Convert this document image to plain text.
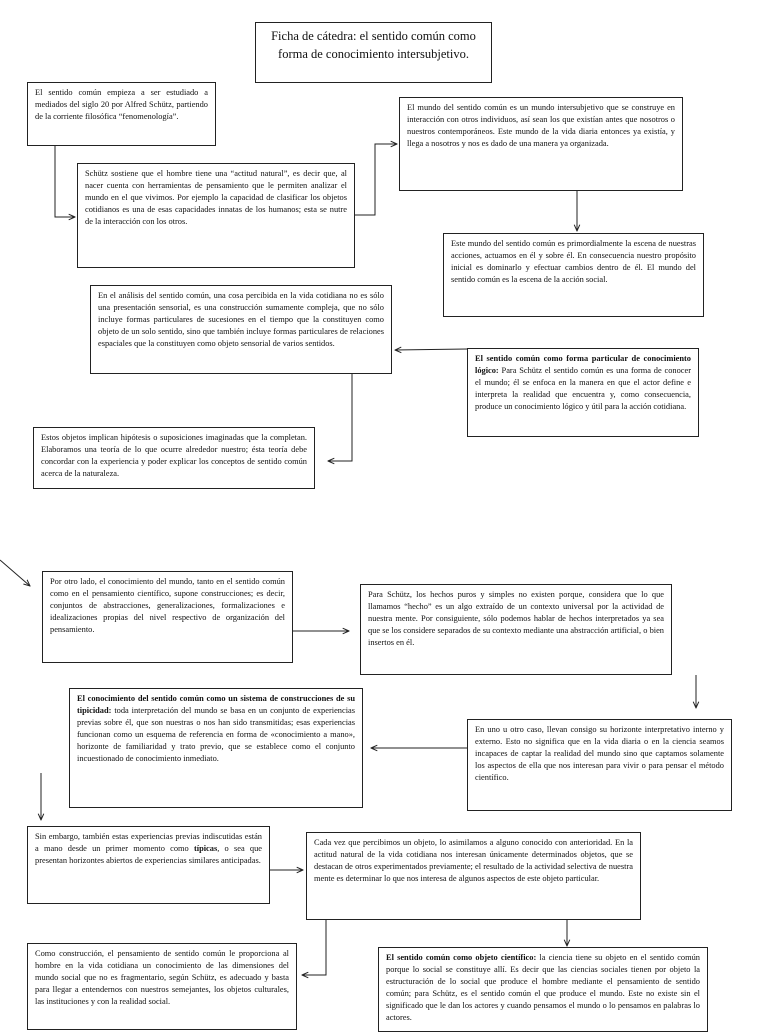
Ficha de cátedra: el sentido común como
forma de conocimiento intersubjetivo.
El sentido común empieza a ser estudiado a mediados del siglo 20 por Alfred Schütz, partiendo de la corriente filosófica “fenomenología”.
Schütz sostiene que el hombre tiene una “actitud natural”, es decir que, al nacer cuenta con herramientas de pensamiento que le permiten analizar el mundo en el que vivimos. Por ejemplo la capacidad de clasificar los objetos cotidianos es una de esas capacidades innatas de los humanos; esta se nutre de la interacción con los otros.
El mundo del sentido común es un mundo intersubjetivo que se construye en interacción con otros individuos, así sean los que existían antes que nosotros o nuestros contemporáneos. Este mundo de la vida diaria entonces ya existía, y llega a nosotros y nos es dado de una manera ya organizada.
Este mundo del sentido común es primordialmente la escena de nuestras acciones, actuamos en él y sobre él. En consecuencia nuestro propósito inicial es dominarlo y efectuar cambios dentro de él. El mundo del sentido común es la escena de la acción social.
En el análisis del sentido común, una cosa percibida en la vida cotidiana no es sólo una presentación sensorial, es una construcción sumamente compleja, que no sólo incluye formas particulares de sucesiones en el tiempo que la constituyen como objeto de un solo sentido, sino que también incluye formas particulares de relaciones espaciales que la constituyen como objeto sensorial de varios sentidos.
El sentido común como forma particular de conocimiento lógico: Para Schütz el sentido común es una forma de conocer el mundo; él se enfoca en la manera en que el actor define e interpreta la realidad que encuentra y, como consecuencia, produce un conocimiento lógico y útil para la acción cotidiana.
Estos objetos implican hipótesis o suposiciones imaginadas que la completan. Elaboramos una teoría de lo que ocurre alrededor nuestro; ésta teoría debe concordar con la experiencia y poder explicar los conceptos de sentido común acerca de la naturaleza.
Por otro lado, el conocimiento del mundo, tanto en el sentido común como en el pensamiento científico, supone construcciones; es decir, conjuntos de abstracciones, generalizaciones, formalizaciones e idealizaciones propias del nivel respectivo de organización del pensamiento.
Para Schütz, los hechos puros y simples no existen porque, considera que lo que llamamos “hecho” es un algo extraído de un contexto universal por la actividad de nuestra mente. Por consiguiente, sólo podemos hablar de hechos interpretados ya sea que se los considere separados de su contexto mediante una abstracción artificial, o bien insertos en él.
El conocimiento del sentido común como un sistema de construcciones de su tipicidad: toda interpretación del mundo se basa en un conjunto de experiencias previas sobre él, que son nuestras o nos han sido transmitidas; esas experiencias funcionan como un esquema de referencia en forma de «conocimiento a mano», horizonte de familiaridad y trato previo, que se establece como el conjunto incuestionado de conocimiento inmediato.
En uno u otro caso, llevan consigo su horizonte interpretativo interno y externo. Esto no significa que en la vida diaria o en la ciencia seamos incapaces de captar la realidad del mundo sino que captamos solamente los aspectos de ella que nos interesan para vivir o para pensar el método científico.
Sin embargo, también estas experiencias previas indiscutidas están a mano desde un primer momento como típicas, o sea que presentan horizontes abiertos de experiencias similares anticipadas.
Cada vez que percibimos un objeto, lo asimilamos a alguno conocido con anterioridad. En la actitud natural de la vida cotidiana nos interesan únicamente determinados objetos, que se destacan de otros experimentados previamente; el resultado de la actividad selectiva de nuestra mente es determinar lo que nos interesa de algunos aspectos de este objeto particular.
Como construcción, el pensamiento de sentido común le proporciona al hombre en la vida cotidiana un conocimiento de las dimensiones del mundo social que no es fragmentario, según Schütz, es adecuado y basta para llegar a entendernos con nuestros semejantes, los objetos culturales, las instituciones y con la realidad social.
El sentido común como objeto científico: la ciencia tiene su objeto en el sentido común porque lo social se constituye allí. Es decir que las ciencias sociales tienen por objeto la estructuración de lo social que produce el hombre mediante el pensamiento de sentido común; para Schütz, es el sentido común el que produce el mundo. Este no existe sin el significado que le dan los actores y cuando pensamos el mundo o lo pensamos en palabras lo actores.
